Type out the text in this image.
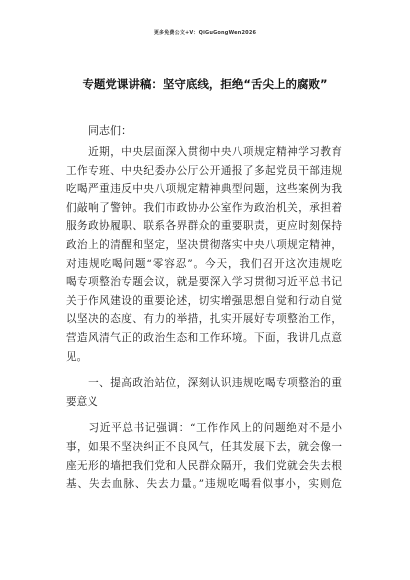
更多免费公文+V：QiGuGongWen2026
专题党课讲稿：坚守底线，拒绝“舌尖上的腐败”
同志们：
　　近期，中央层面深入贯彻中央八项规定精神学习教育
工作专班、中央纪委办公厅公开通报了多起党员干部违规
吃喝严重违反中央八项规定精神典型问题，这些案例为我
们敲响了警钟。我们市政协办公室作为政治机关，承担着
服务政协履职、联系各界群众的重要职责，更应时刻保持
政治上的清醒和坚定，坚决贯彻落实中央八项规定精神，
对违规吃喝问题“零容忍”。今天，我们召开这次违规吃
喝专项整治专题会议，就是要深入学习贯彻习近平总书记
关于作风建设的重要论述，切实增强思想自觉和行动自觉
以坚决的态度、有力的举措，扎实开展好专项整治工作，
营造风清气正的政治生态和工作环境。下面，我讲几点意
见。
　　一、提高政治站位，深刻认识违规吃喝专项整治的重
要意义
　　习近平总书记强调：“工作作风上的问题绝对不是小
事，如果不坚决纠正不良风气，任其发展下去，就会像一
座无形的墙把我们党和人民群众隔开，我们党就会失去根
基、失去血脉、失去力量。”违规吃喝看似事小，实则危
